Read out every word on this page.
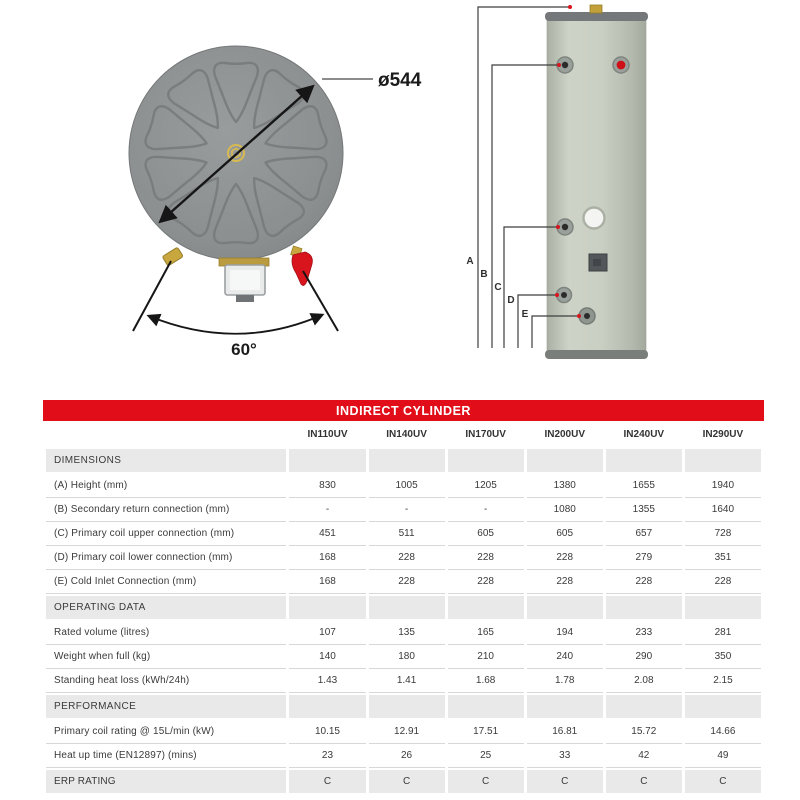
ø544
60°
A
B
C
D
E
INDIRECT CYLINDER
	IN110UV	IN140UV	IN170UV	IN200UV	IN240UV	IN290UV
DIMENSIONS						
(A) Height (mm)	830	1005	1205	1380	1655	1940
(B) Secondary return connection (mm)	-	-	-	1080	1355	1640
(C) Primary coil upper connection (mm)	451	511	605	605	657	728
(D) Primary coil lower connection (mm)	168	228	228	228	279	351
(E) Cold Inlet Connection (mm)	168	228	228	228	228	228
OPERATING DATA						
Rated volume (litres)	107	135	165	194	233	281
Weight when full (kg)	140	180	210	240	290	350
Standing heat loss (kWh/24h)	1.43	1.41	1.68	1.78	2.08	2.15
PERFORMANCE						
Primary coil rating @ 15L/min (kW)	10.15	12.91	17.51	16.81	15.72	14.66
Heat up time (EN12897) (mins)	23	26	25	33	42	49
ERP RATING	C	C	C	C	C	C
